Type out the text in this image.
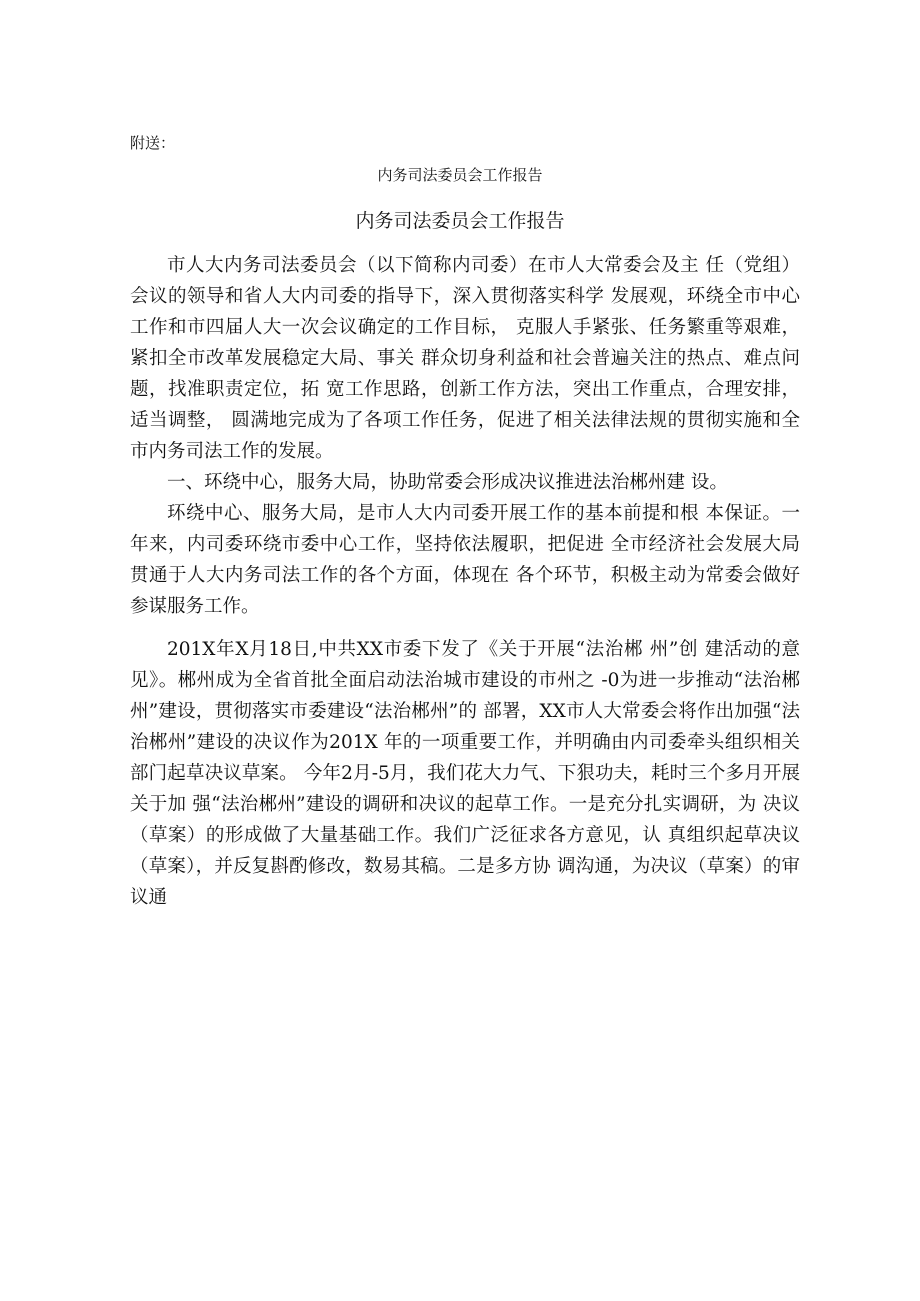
附送：
内务司法委员会工作报告
内务司法委员会工作报告

市人大内务司法委员会（以下简称内司委）在市人大常委会及主 任（党组）会议的领导和省人大内司委的指导下，深入贯彻落实科学 发展观，环绕全市中心工作和市四届人大一次会议确定的工作目标， 克服人手紧张、任务繁重等艰难，紧扣全市改革发展稳定大局、事关 群众切身利益和社会普遍关注的热点、难点问题，找准职责定位，拓 宽工作思路，创新工作方法，突出工作重点，合理安排，适当调整， 圆满地完成为了各项工作任务，促进了相关法律法规的贯彻实施和全 市内务司法工作的发展。

一、环绕中心，服务大局，协助常委会形成决议推进法治郴州建 设。

环绕中心、服务大局，是市人大内司委开展工作的基本前提和根 本保证。一年来，内司委环绕市委中心工作，坚持依法履职，把促进 全市经济社会发展大局贯通于人大内务司法工作的各个方面，体现在 各个环节，积极主动为常委会做好参谋服务工作。

201X年X月18日,中共XX市委下发了《关于开展“法治郴 州”创 建活动的意见》。郴州成为全省首批全面启动法治城市建设的市州之 -0为进一步推动“法治郴州”建设，贯彻落实市委建设“法治郴州”的 部署，XX市人大常委会将作出加强“法治郴州”建设的决议作为201X 年的一项重要工作，并明确由内司委牵头组织相关部门起草决议草案。 今年2月-5月，我们花大力气、下狠功夫，耗时三个多月开展关于加 强“法治郴州”建设的调研和决议的起草工作。一是充分扎实调研，为 决议（草案）的形成做了大量基础工作。我们广泛征求各方意见，认 真组织起草决议（草案），并反复斟酌修改，数易其稿。二是多方协 调沟通，为决议（草案）的审议通
